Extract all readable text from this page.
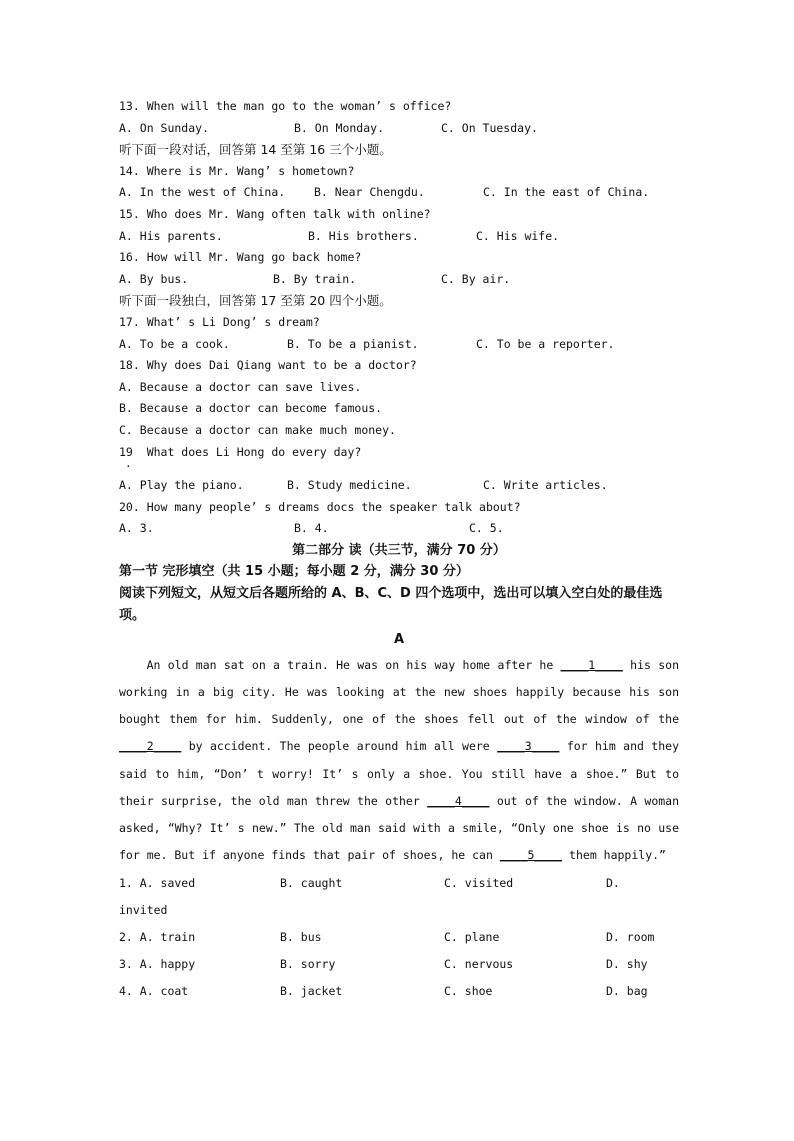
13. When will the man go to the woman’ s office?

A. On Sunday.

	B. On Monday.

	C. On Tuesday.

听下面一段对话，回答第 14 至第 16 三个小题。
14. Where is Mr. Wang’ s hometown?

A. In the west of China.

	B. Near Chengdu.

	C. In the east of China.

15. Who does Mr. Wang often talk with online?

A. His parents.

	B. His brothers.

	C. His wife.

16. How will Mr. Wang go back home?

A. By bus.

	B. By train.

	C. By air.

听下面一段独白，回答第 17 至第 20 四个小题。
17. What’ s Li Dong’ s dream?

A. To be a cook.

	B. To be a pianist.

	C. To be a reporter.

18. Why does Dai Qiang want to be a doctor?
A. Because a doctor can save lives.
B. Because a doctor can become famous.
C. Because a doctor can make much money.
19  What does Li Hong do every day?
·

A. Play the piano.

	B. Study medicine.

	C. Write articles.

20. How many people’ s dreams docs the speaker talk about?

A. 3.

	B. 4.

	C. 5.

第二部分 读（共三节，满分 70 分）
第一节 完形填空（共 15 小题；每小题 2 分，满分 30 分）
阅读下列短文，从短文后各题所给的 A、B、C、D 四个选项中，选出可以填入空白处的最佳选项。
A

An old man sat on a train. He was on his way home after he ____1____ his son working in a big city. He was looking at the new shoes happily because his son bought them for him. Suddenly, one of the shoes fell out of the window of the ____2____ by accident. The people around him all were ____3____ for him and they said to him, “Don’ t worry! It’ s only a shoe. You still have a shoe.” But to their surprise, the old man threw the other ____4____ out of the window. A woman asked, “Why? It’ s new.” The old man said with a smile, “Only one shoe is no use for me. But if anyone finds that pair of shoes, he can ____5____ them happily.”

1. A. saved

	B. caught

	C. visited

	D.

invited

2. A. train

	B. bus

	C. plane

	D. room

3. A. happy

	B. sorry

	C. nervous

	D. shy

4. A. coat

	B. jacket

	C. shoe

	D. bag
